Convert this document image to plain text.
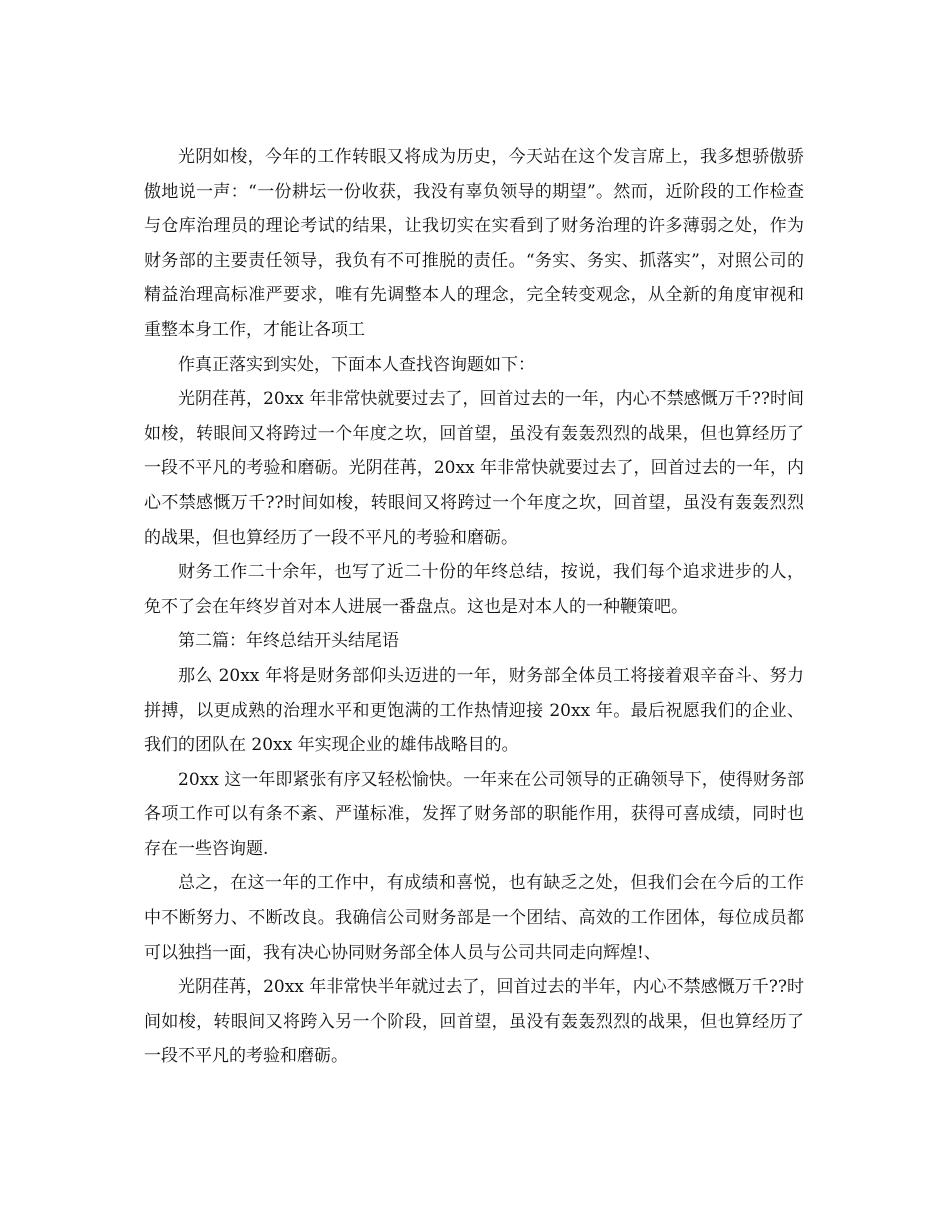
光阴如梭，今年的工作转眼又将成为历史，今天站在这个发言席上，我多想骄傲骄傲地说一声：“一份耕坛一份收获，我没有辜负领导的期望”。然而，近阶段的工作检查与仓库治理员的理论考试的结果，让我切实在实看到了财务治理的许多薄弱之处，作为财务部的主要责任领导，我负有不可推脱的责任。“务实、务实、抓落实”，对照公司的精益治理高标准严要求，唯有先调整本人的理念，完全转变观念，从全新的角度审视和重整本身工作，才能让各项工

作真正落实到实处，下面本人查找咨询题如下：

光阴荏苒，20xx 年非常快就要过去了，回首过去的一年，内心不禁感慨万千??时间如梭，转眼间又将跨过一个年度之坎，回首望，虽没有轰轰烈烈的战果，但也算经历了一段不平凡的考验和磨砺。光阴荏苒，20xx 年非常快就要过去了，回首过去的一年，内心不禁感慨万千??时间如梭，转眼间又将跨过一个年度之坎，回首望，虽没有轰轰烈烈的战果，但也算经历了一段不平凡的考验和磨砺。

财务工作二十余年，也写了近二十份的年终总结，按说，我们每个追求进步的人，免不了会在年终岁首对本人进展一番盘点。这也是对本人的一种鞭策吧。

第二篇：年终总结开头结尾语

那么 20xx 年将是财务部仰头迈进的一年，财务部全体员工将接着艰辛奋斗、努力拼搏，以更成熟的治理水平和更饱满的工作热情迎接 20xx 年。最后祝愿我们的企业、我们的团队在 20xx 年实现企业的雄伟战略目的。

20xx 这一年即紧张有序又轻松愉快。一年来在公司领导的正确领导下，使得财务部各项工作可以有条不紊、严谨标准，发挥了财务部的职能作用，获得可喜成绩，同时也存在一些咨询题.

总之，在这一年的工作中，有成绩和喜悦，也有缺乏之处，但我们会在今后的工作中不断努力、不断改良。我确信公司财务部是一个团结、高效的工作团体，每位成员都可以独挡一面，我有决心协同财务部全体人员与公司共同走向辉煌!、

光阴荏苒，20xx 年非常快半年就过去了，回首过去的半年，内心不禁感慨万千??时间如梭，转眼间又将跨入另一个阶段，回首望，虽没有轰轰烈烈的战果，但也算经历了一段不平凡的考验和磨砺。
